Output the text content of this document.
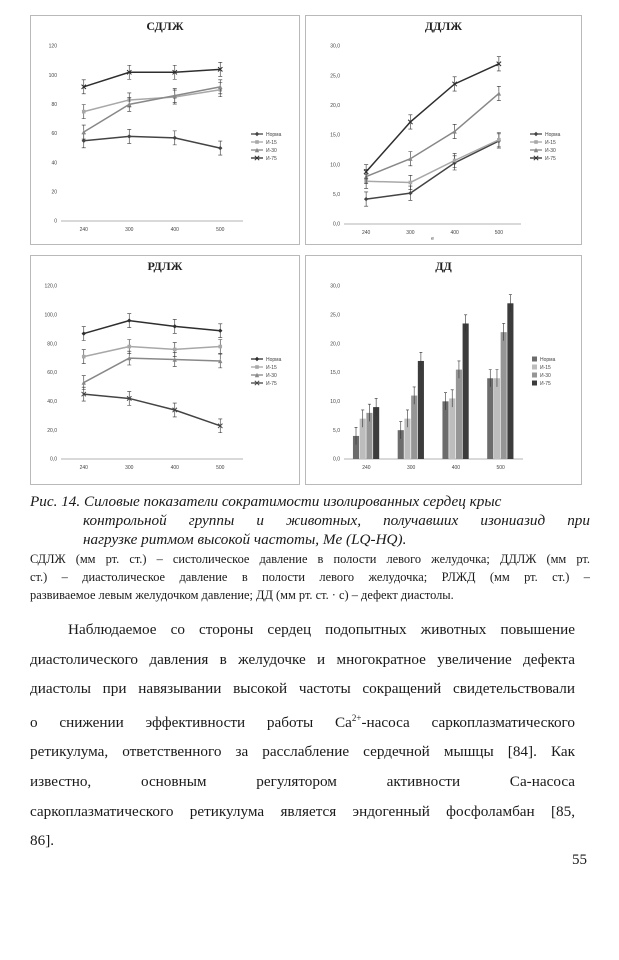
СДЛЖ
0
20
40
60
80
100
120
240	300	400	500
Норма
И-15
И-30
И-75
ДДЛЖ
0,0
5,0
10,0
15,0
20,0
25,0
30,0
240	300	400	500
e
Норма
И-15
И-30
И-75
РДЛЖ
0,0
20,0
40,0
60,0
80,0
100,0
120,0
240	300	400	500
Норма
И-15
И-30
И-75
ДД
0,0
5,0
10,0
15,0
20,0
25,0
30,0
240	300	400	500
Норма
И-15
И-30
И-75
Рис. 14. Силовые показатели сократимости изолированных сердец крыс
контрольной группы и животных, получавших изониазид при
нагрузке ритмом высокой частоты, Me (LQ-HQ).
СДЛЖ (мм рт. ст.) – систолическое давление в полости левого желудочка; ДДЛЖ (мм рт.
ст.) – диастолическое давление в полости левого желудочка; РЛЖД (мм рт. ст.) –
развиваемое левым желудочком давление; ДД (мм рт. ст. · с) – дефект диастолы.
Наблюдаемое со стороны сердец подопытных животных повышение
диастолического давления в желудочке и многократное увеличение дефекта
диастолы при навязывании высокой частоты сокращений свидетельствовали
о снижении эффективности работы $Ca^{2+}$-насоса саркоплазматического
ретикулума, ответственного за расслабление сердечной мышцы [84]. Как
известно, основным регулятором активности Са-насоса
саркоплазматического ретикулума является эндогенный фосфоламбан [85,
86].
55
